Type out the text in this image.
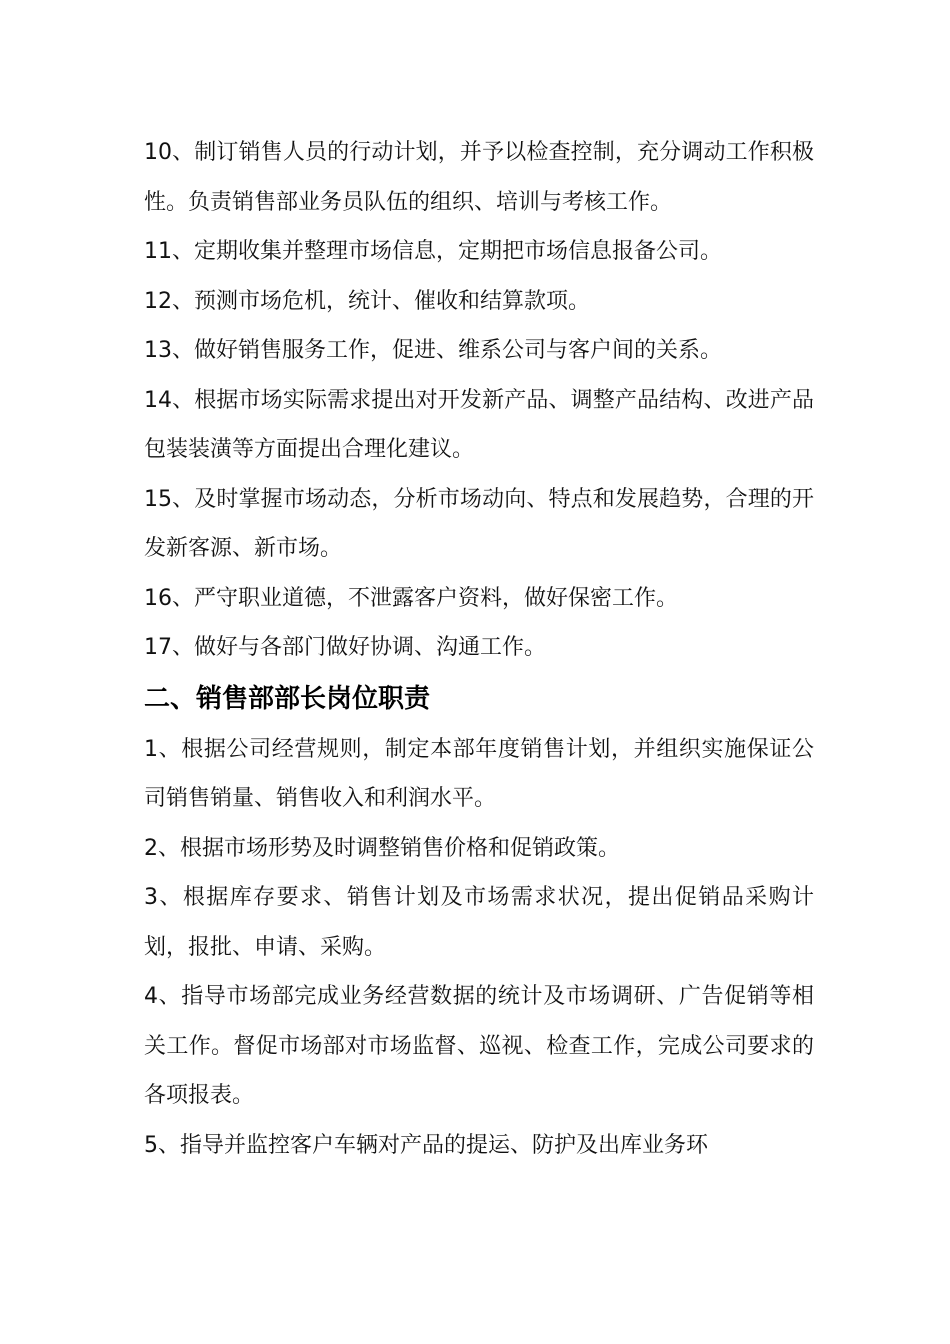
10、制订销售人员的行动计划，并予以检查控制，充分调动工作积极性。负责销售部业务员队伍的组织、培训与考核工作。

11、定期收集并整理市场信息，定期把市场信息报备公司。

12、预测市场危机，统计、催收和结算款项。

13、做好销售服务工作，促进、维系公司与客户间的关系。

14、根据市场实际需求提出对开发新产品、调整产品结构、改进产品包装装潢等方面提出合理化建议。

15、及时掌握市场动态，分析市场动向、特点和发展趋势，合理的开发新客源、新市场。

16、严守职业道德，不泄露客户资料，做好保密工作。

17、做好与各部门做好协调、沟通工作。

二、销售部部长岗位职责

1、根据公司经营规则，制定本部年度销售计划，并组织实施保证公司销售销量、销售收入和利润水平。

2、根据市场形势及时调整销售价格和促销政策。

3、根据库存要求、销售计划及市场需求状况，提出促销品采购计划，报批、申请、采购。

4、指导市场部完成业务经营数据的统计及市场调研、广告促销等相关工作。督促市场部对市场监督、巡视、检查工作，完成公司要求的各项报表。

5、指导并监控客户车辆对产品的提运、防护及出库业务环
